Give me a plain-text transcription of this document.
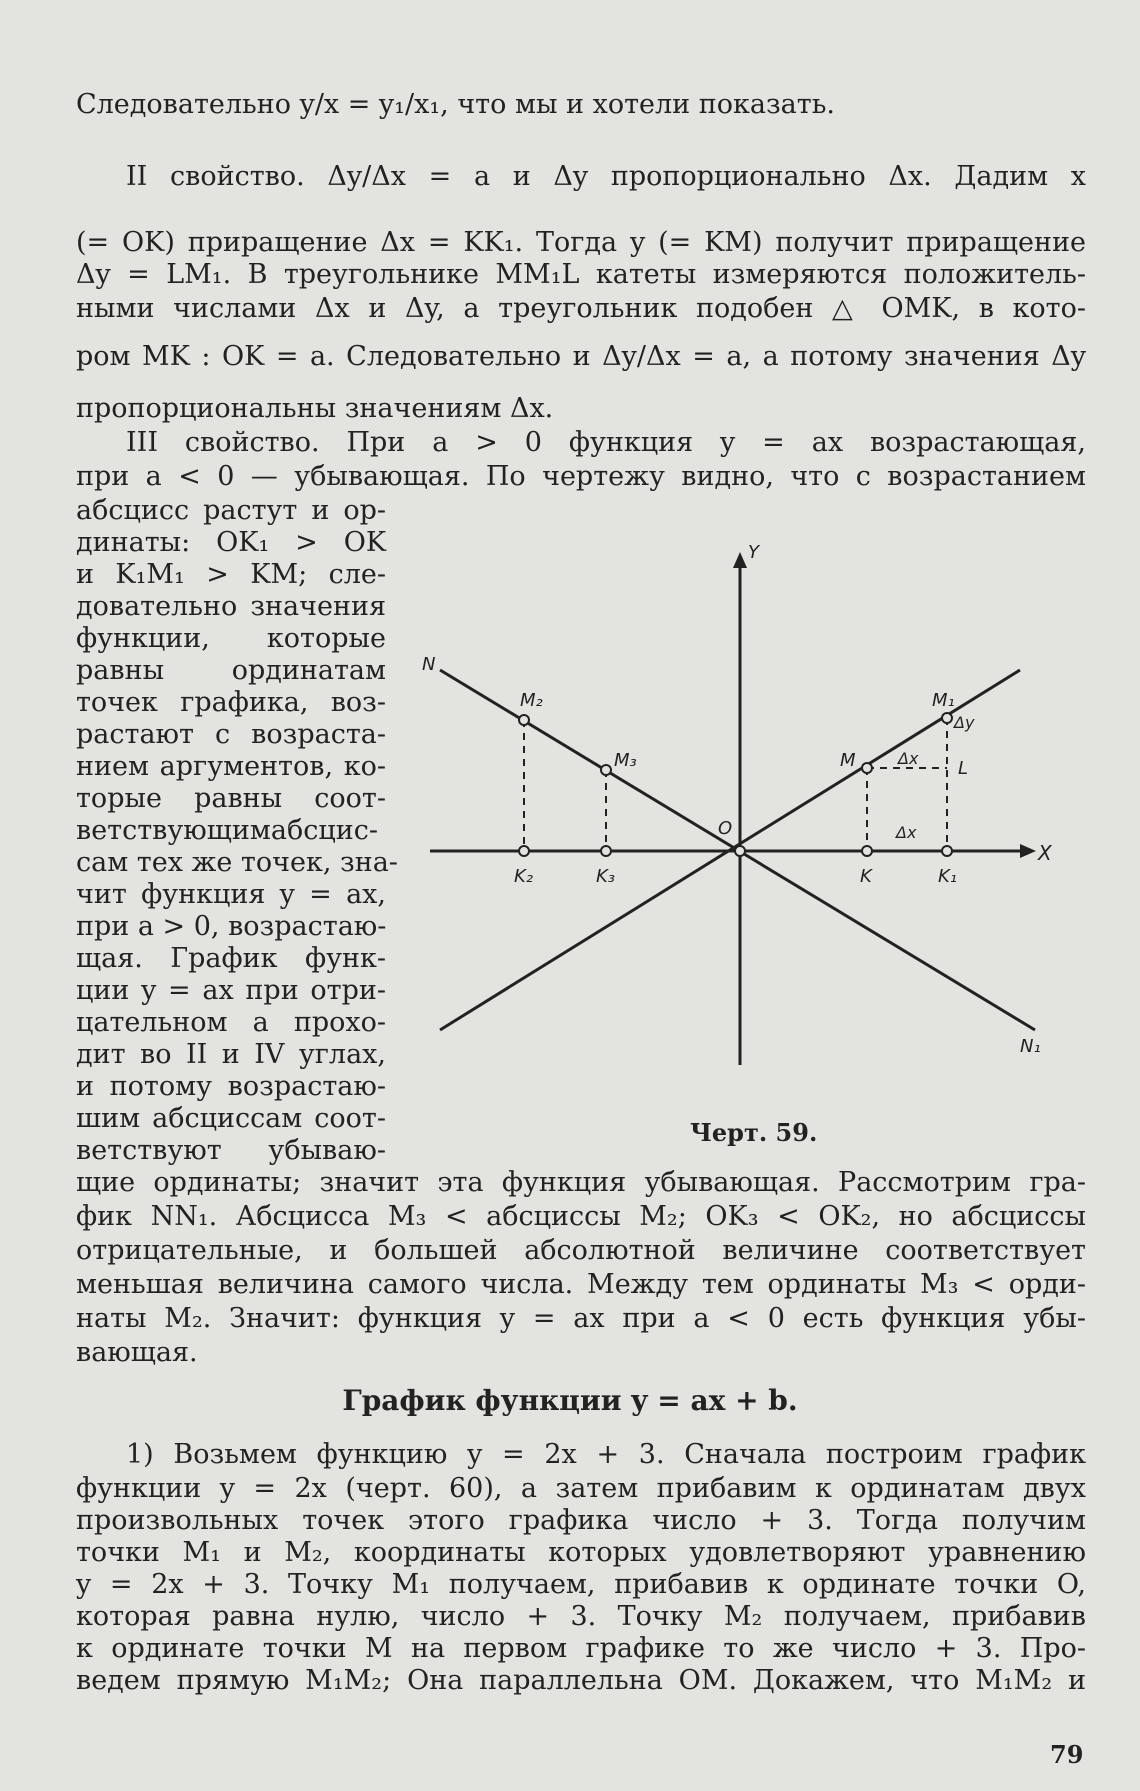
Следовательно y/x = y₁/x₁, что мы и хотели показать.
II свойство. Δy/Δx = a и Δy пропорционально Δx. Дадим x
(= OK) приращение Δx = KK₁. Тогда y (= KM) получит приращение
Δy = LM₁. В треугольнике MM₁L катеты измеряются положитель-
ными числами Δx и Δy, а треугольник подобен △ OMK, в кото-
ром MK : OK = a. Следовательно и Δy/Δx = a, а потому значения Δy
пропорциональны значениям Δx.
III свойство. При a > 0 функция y = ax возрастающая,
при a < 0 — убывающая. По чертежу видно, что с возрастанием
абсцисс растут и ор-
динаты: OK₁ > OK
и K₁M₁ > KM; сле-
довательно значения
функции, которые
равны ординатам
точек графика, воз-
растают с возраста-
нием аргументов, ко-
торые равны соот-
ветствующимабсцис-
сам тех же точек, зна-
чит функция y = ax,
при a > 0, возрастаю-
щая. График функ-
ции y = ax при отри-
цательном a прохо-
дит во II и IV углах,
и потому возрастаю-
шим абсциссам соот-
ветствуют убываю-
Y
X
O
N
N₁
M₂
M₃	M
M₁
K₂	K₃	K	K₁
L
Δx
Δx
Δy
Черт. 59.
щие ординаты; значит эта функция убывающая. Рассмотрим гра-
фик NN₁. Абсцисса M₃ < абсциссы M₂; OK₃ < OK₂, но абсциссы
отрицательные, и большей абсолютной величине соответствует
меньшая величина самого числа. Между тем ординаты M₃ < орди-
наты M₂. Значит: функция y = ax при a < 0 есть функция убы-
вающая.
График функции y = ax + b.
1) Возьмем функцию y = 2x + 3. Сначала построим график
функции y = 2x (черт. 60), а затем прибавим к ординатам двух
произвольных точек этого графика число + 3. Тогда получим
точки M₁ и M₂, координаты которых удовлетворяют уравнению
y = 2x + 3. Точку M₁ получаем, прибавив к ординате точки O,
которая равна нулю, число + 3. Точку M₂ получаем, прибавив
к ординате точки M на первом графике то же число + 3. Про-
ведем прямую M₁M₂; Она параллельна OM. Докажем, что M₁M₂ и
79
